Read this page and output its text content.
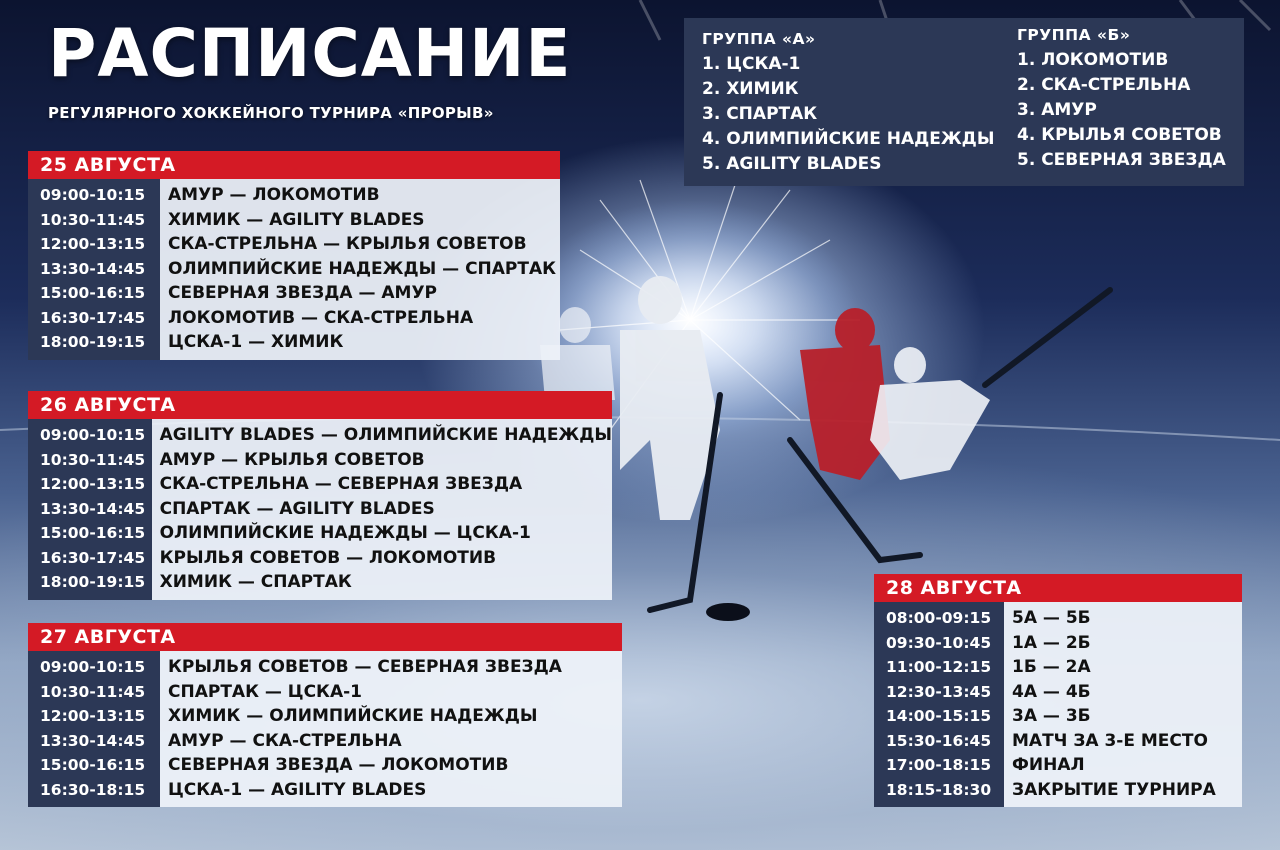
РАСПИСАНИЕ
РЕГУЛЯРНОГО ХОККЕЙНОГО ТУРНИРА «ПРОРЫВ»
ГРУППА «А»
1. ЦСКА-1
2. ХИМИК
3. СПАРТАК
4. ОЛИМПИЙСКИЕ НАДЕЖДЫ
5. AGILITY BLADES
ГРУППА «Б»
1. ЛОКОМОТИВ
2. СКА-СТРЕЛЬНА
3. АМУР
4. КРЫЛЬЯ СОВЕТОВ
5. СЕВЕРНАЯ ЗВЕЗДА
25 АВГУСТА
09:00-10:15
10:30-11:45
12:00-13:15
13:30-14:45
15:00-16:15
16:30-17:45
18:00-19:15
АМУР — ЛОКОМОТИВ
ХИМИК — AGILITY BLADES
СКА-СТРЕЛЬНА — КРЫЛЬЯ СОВЕТОВ
ОЛИМПИЙСКИЕ НАДЕЖДЫ — СПАРТАК
СЕВЕРНАЯ ЗВЕЗДА — АМУР
ЛОКОМОТИВ — СКА-СТРЕЛЬНА
ЦСКА-1 — ХИМИК
26 АВГУСТА
09:00-10:15
10:30-11:45
12:00-13:15
13:30-14:45
15:00-16:15
16:30-17:45
18:00-19:15
AGILITY BLADES — ОЛИМПИЙСКИЕ НАДЕЖДЫ
АМУР — КРЫЛЬЯ СОВЕТОВ
СКА-СТРЕЛЬНА — СЕВЕРНАЯ ЗВЕЗДА
СПАРТАК — AGILITY BLADES
ОЛИМПИЙСКИЕ НАДЕЖДЫ — ЦСКА-1
КРЫЛЬЯ СОВЕТОВ — ЛОКОМОТИВ
ХИМИК — СПАРТАК
27 АВГУСТА
09:00-10:15
10:30-11:45
12:00-13:15
13:30-14:45
15:00-16:15
16:30-18:15
КРЫЛЬЯ СОВЕТОВ — СЕВЕРНАЯ ЗВЕЗДА
СПАРТАК — ЦСКА-1
ХИМИК — ОЛИМПИЙСКИЕ НАДЕЖДЫ
АМУР — СКА-СТРЕЛЬНА
СЕВЕРНАЯ ЗВЕЗДА — ЛОКОМОТИВ
ЦСКА-1 — AGILITY BLADES
28 АВГУСТА
08:00-09:15
09:30-10:45
11:00-12:15
12:30-13:45
14:00-15:15
15:30-16:45
17:00-18:15
18:15-18:30
5А — 5Б
1А — 2Б
1Б — 2А
4А — 4Б
3А — 3Б
МАТЧ ЗА 3-Е МЕСТО
ФИНАЛ
ЗАКРЫТИЕ ТУРНИРА
